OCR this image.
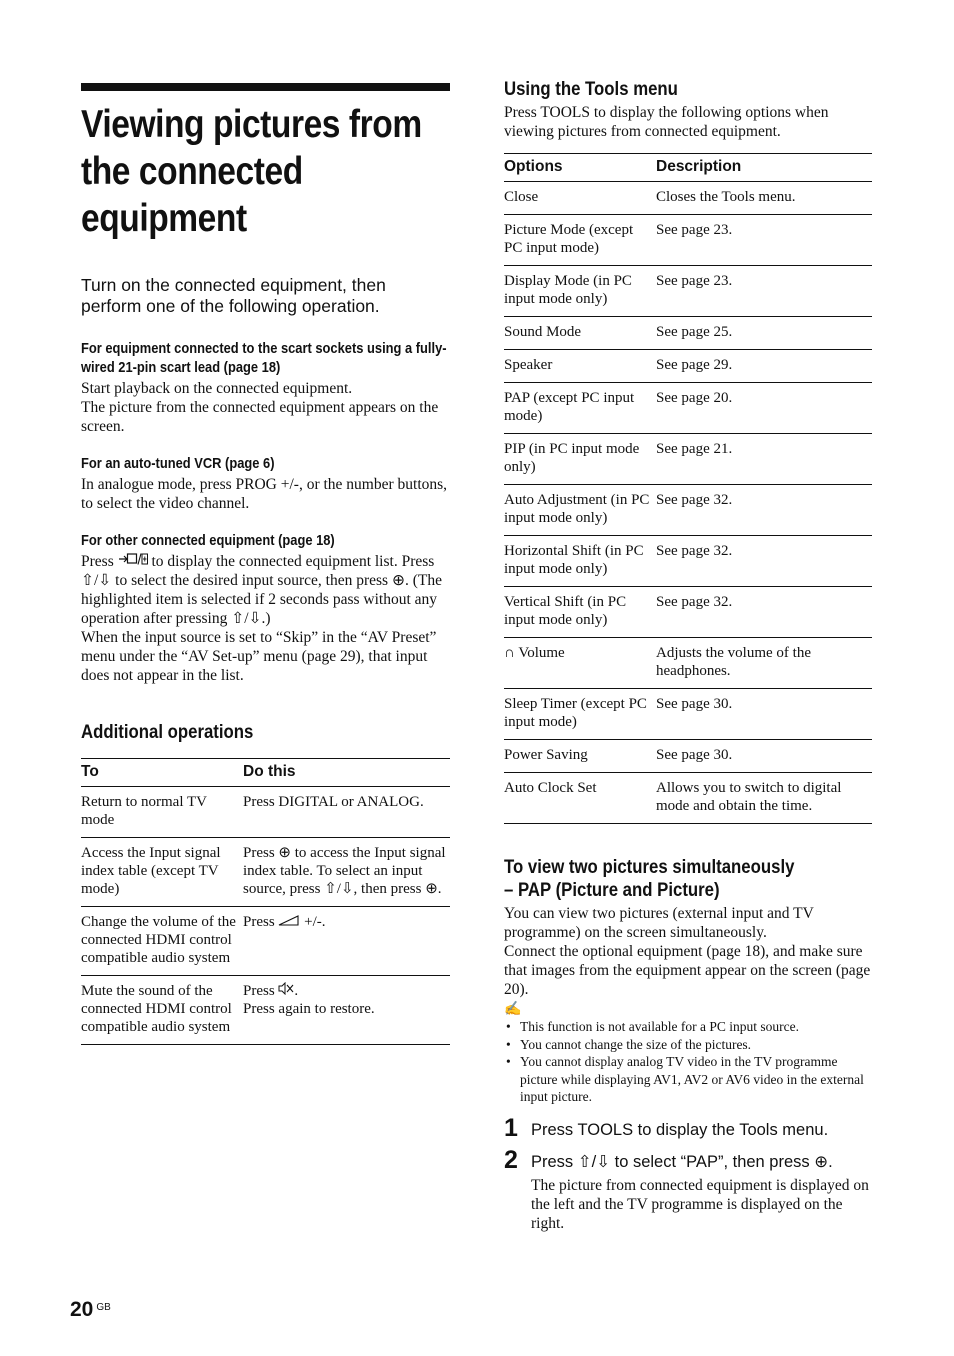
Viewing pictures from the connected equipment

Turn on the connected equipment, then perform one of the following operation.

For equipment connected to the scart sockets using a fully-wired 21-pin scart lead (page 18)
Start playback on the connected equipment.
The picture from the connected equipment appears on the screen.
For an auto-tuned VCR (page 6)
In analogue mode, press PROG +/-, or the number buttons, to select the video channel.
For other connected equipment (page 18)
Press to display the connected equipment list. Press ⇧/⇩ to select the desired input source, then press ⊕. (The highlighted item is selected if 2 seconds pass without any operation after pressing ⇧/⇩.)
When the input source is set to “Skip” in the “AV Preset” menu under the “AV Set-up” menu (page 29), that input does not appear in the list.
Additional operations
To	Do this
Return to normal TV mode	Press DIGITAL or ANALOG.
Access the Input signal index table (except TV mode)	Press ⊕ to access the Input signal index table. To select an input source, press ⇧/⇩, then press ⊕.
Change the volume of the connected HDMI control compatible audio system	Press +/-.
Mute the sound of the connected HDMI control compatible audio system	Press .
Press again to restore.
Using the Tools menu
Press TOOLS to display the following options when viewing pictures from connected equipment.
Options	Description
Close	Closes the Tools menu.
Picture Mode (except PC input mode)	See page 23.
Display Mode (in PC input mode only)	See page 23.
Sound Mode	See page 25.
Speaker	See page 29.
PAP (except PC input mode)	See page 20.
PIP (in PC input mode only)	See page 21.
Auto Adjustment (in PC input mode only)	See page 32.
Horizontal Shift (in PC input mode only)	See page 32.
Vertical Shift (in PC input mode only)	See page 32.
∩ Volume	Adjusts the volume of the headphones.
Sleep Timer (except PC input mode)	See page 30.
Power Saving	See page 30.
Auto Clock Set	Allows you to switch to digital mode and obtain the time.
To view two pictures simultaneously
– PAP (Picture and Picture)
You can view two pictures (external input and TV programme) on the screen simultaneously.
Connect the optional equipment (page 18), and make sure that images from the equipment appear on the screen (page 20).
✍
• This function is not available for a PC input source.
• You cannot change the size of the pictures.
• You cannot display analog TV video in the TV programme picture while displaying AV1, AV2 or AV6 video in the external input picture.
1 Press TOOLS to display the Tools menu.
2 Press ⇧/⇩ to select “PAP”, then press ⊕.
The picture from connected equipment is displayed on the left and the TV programme is displayed on the right.
20 $^{GB}$
